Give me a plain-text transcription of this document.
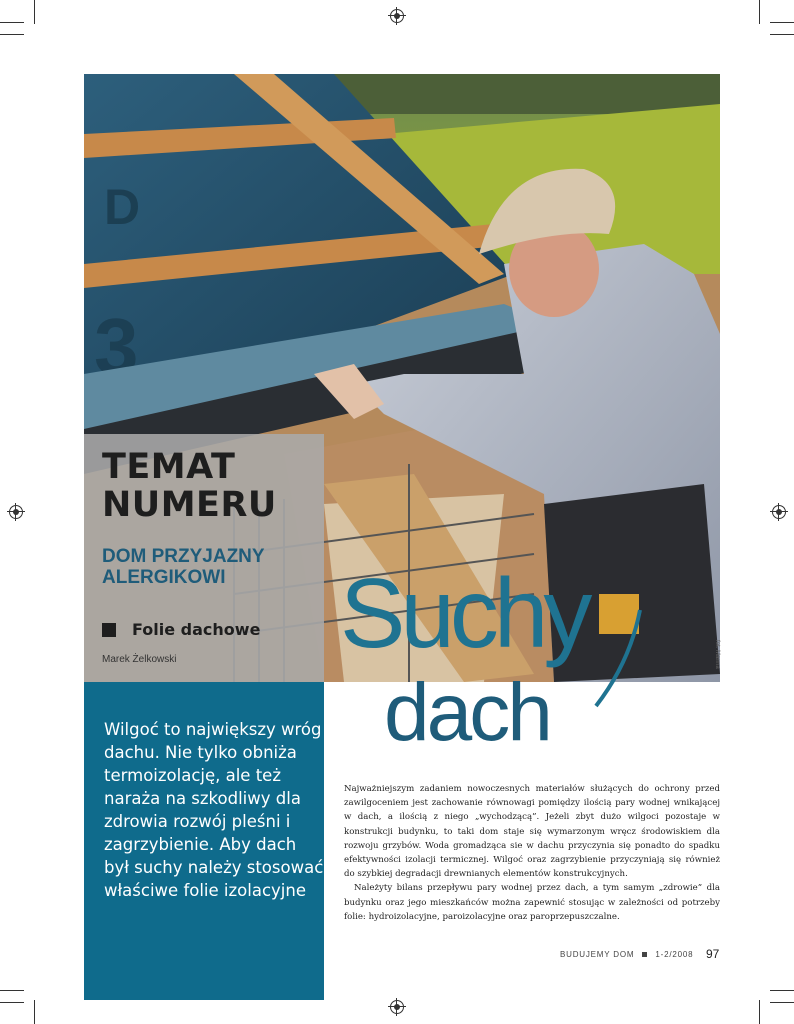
D
3
TEMAT
NUMERU
DOM PRZYJAZNY
ALERGIKOWI
Folie dachowe
Marek Żelkowski

Wilgoć to największy wróg dachu. Nie tylko obniża termoizolację, ale też naraża na szkodliwy dla zdrowia rozwój pleśni i zagrzybienie. Aby dach był suchy należy stosować właściwe folie izolacyjne

Suchy
dach
fot. Marma

Najważniejszym zadaniem nowoczesnych materiałów służących do ochrony przed zawilgoceniem jest zachowanie równowagi pomiędzy ilością pary wodnej wnikającej w dach, a ilością z niego „wychodzącą”. Jeżeli zbyt dużo wilgoci pozostaje w konstrukcji budynku, to taki dom staje się wymarzonym wręcz środowiskiem dla rozwoju grzybów. Woda gromadząca sie w dachu przyczynia się ponadto do spadku efektywności izolacji termicznej. Wilgoć oraz zagrzybienie przyczyniają się również do szybkiej degradacji drewnianych elementów konstrukcyjnych.

Należyty bilans przepływu pary wodnej przez dach, a tym samym „zdrowie” dla budynku oraz jego mieszkańców można zapewnić stosując w zależności od potrzeby folie: hydroizolacyjne, paroizolacyjne oraz paroprzepuszczalne.

BUDUJEMY DOM	1-2/2008 97
